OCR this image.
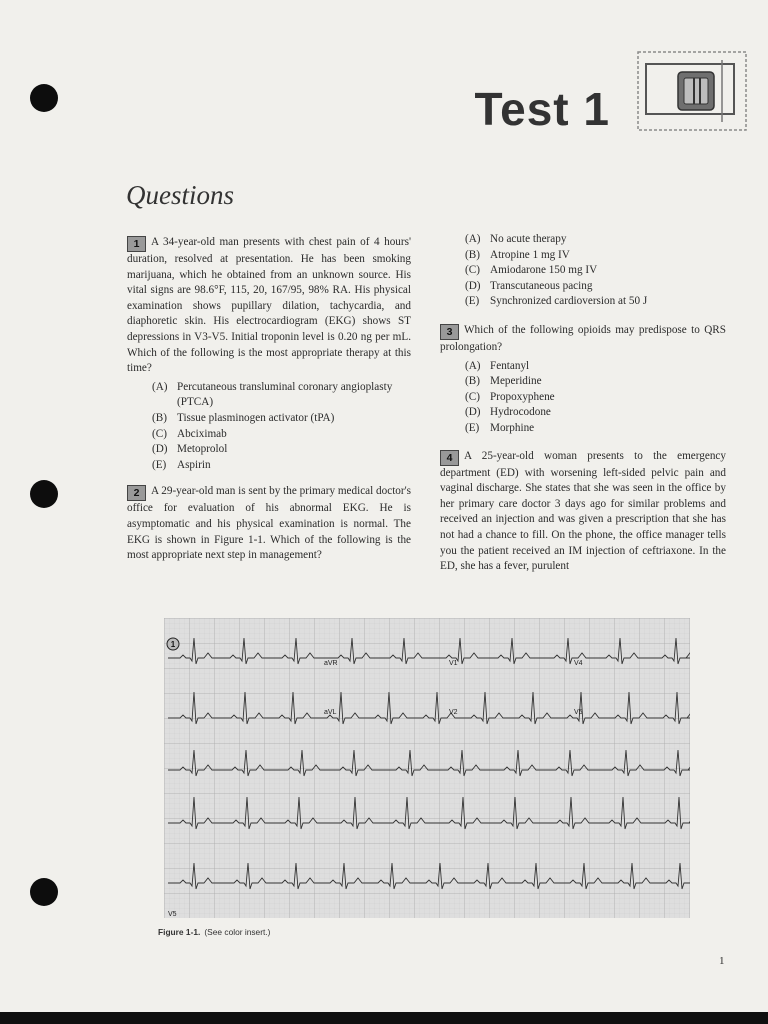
Test 1
Questions

1 A 34-year-old man presents with chest pain of 4 hours' duration, resolved at presentation. He has been smoking marijuana, which he obtained from an unknown source. His vital signs are 98.6°F, 115, 20, 167/95, 98% RA. His physical examination shows pupillary dilation, tachycardia, and diaphoretic skin. His electrocardiogram (EKG) shows ST depressions in V3-V5. Initial troponin level is 0.20 ng per mL. Which of the following is the most appropriate therapy at this time?

(A) Percutaneous transluminal coronary angioplasty (PTCA)
(B) Tissue plasminogen activator (tPA)
(C) Abciximab
(D) Metoprolol
(E) Aspirin

2 A 29-year-old man is sent by the primary medical doctor's office for evaluation of his abnormal EKG. He is asymptomatic and his physical examination is normal. The EKG is shown in Figure 1-1. Which of the following is the most appropriate next step in management?

(A) No acute therapy
(B) Atropine 1 mg IV
(C) Amiodarone 150 mg IV
(D) Transcutaneous pacing
(E) Synchronized cardioversion at 50 J

3 Which of the following opioids may predispose to QRS prolongation?

(A) Fentanyl
(B) Meperidine
(C) Propoxyphene
(D) Hydrocodone
(E) Morphine

4 A 25-year-old woman presents to the emergency department (ED) with worsening left-sided pelvic pain and vaginal discharge. She states that she was seen in the office by her primary care doctor 3 days ago for similar problems and received an injection and was given a prescription that she has not had a chance to fill. On the phone, the office manager tells you the patient received an IM injection of ceftriaxone. In the ED, she has a fever, purulent

aVR	V1	V4
aVL	V2	V5
V5
1
Figure 1-1. (See color insert.)
1
